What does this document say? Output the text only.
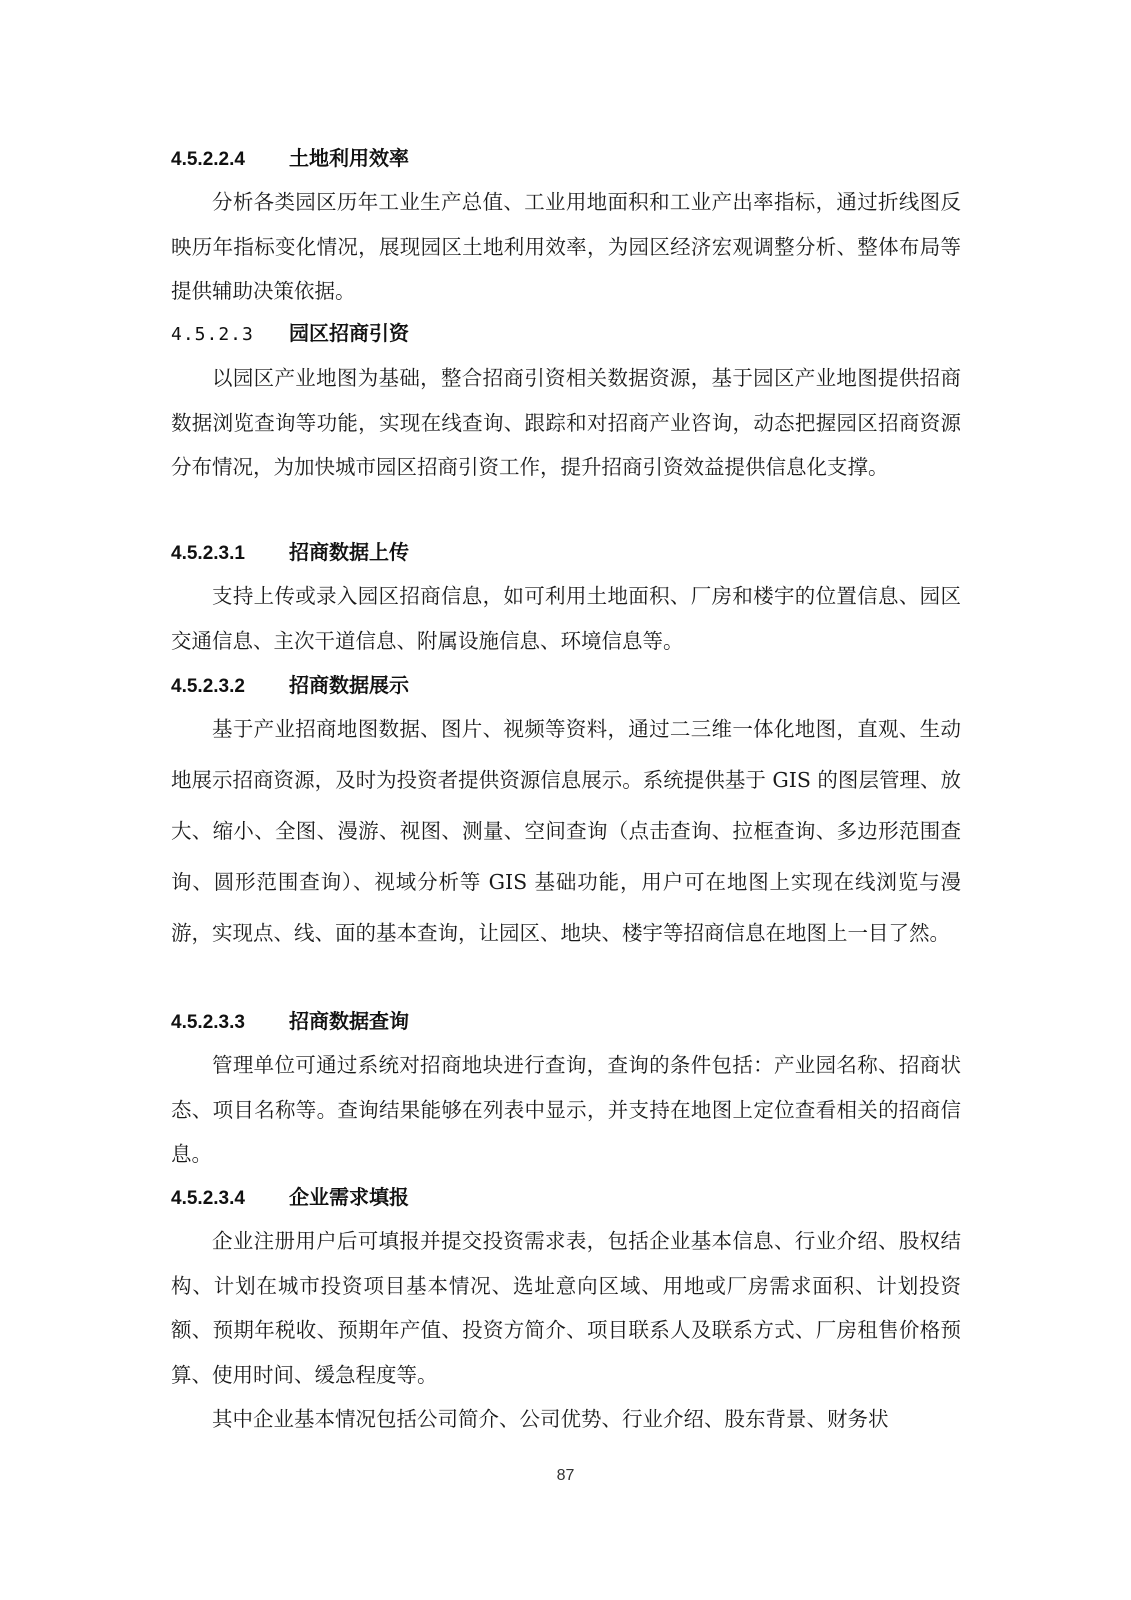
4.5.2.2.4 土地利用效率

分析各类园区历年工业生产总值、工业用地面积和工业产出率指标，通过折线图反映历年指标变化情况，展现园区土地利用效率，为园区经济宏观调整分析、整体布局等提供辅助决策依据。

4.5.2.3 园区招商引资

以园区产业地图为基础，整合招商引资相关数据资源，基于园区产业地图提供招商数据浏览查询等功能，实现在线查询、跟踪和对招商产业咨询，动态把握园区招商资源分布情况，为加快城市园区招商引资工作，提升招商引资效益提供信息化支撑。

4.5.2.3.1 招商数据上传

支持上传或录入园区招商信息，如可利用土地面积、厂房和楼宇的位置信息、园区交通信息、主次干道信息、附属设施信息、环境信息等。

4.5.2.3.2 招商数据展示

基于产业招商地图数据、图片、视频等资料，通过二三维一体化地图，直观、生动地展示招商资源，及时为投资者提供资源信息展示。系统提供基于 GIS 的图层管理、放大、缩小、全图、漫游、视图、测量、空间查询（点击查询、拉框查询、多边形范围查询、圆形范围查询）、视域分析等 GIS 基础功能，用户可在地图上实现在线浏览与漫游，实现点、线、面的基本查询，让园区、地块、楼宇等招商信息在地图上一目了然。

4.5.2.3.3 招商数据查询

管理单位可通过系统对招商地块进行查询，查询的条件包括：产业园名称、招商状态、项目名称等。查询结果能够在列表中显示，并支持在地图上定位查看相关的招商信息。

4.5.2.3.4 企业需求填报

企业注册用户后可填报并提交投资需求表，包括企业基本信息、行业介绍、股权结构、计划在城市投资项目基本情况、选址意向区域、用地或厂房需求面积、计划投资额、预期年税收、预期年产值、投资方简介、项目联系人及联系方式、厂房租售价格预算、使用时间、缓急程度等。

其中企业基本情况包括公司简介、公司优势、行业介绍、股东背景、财务状

87
